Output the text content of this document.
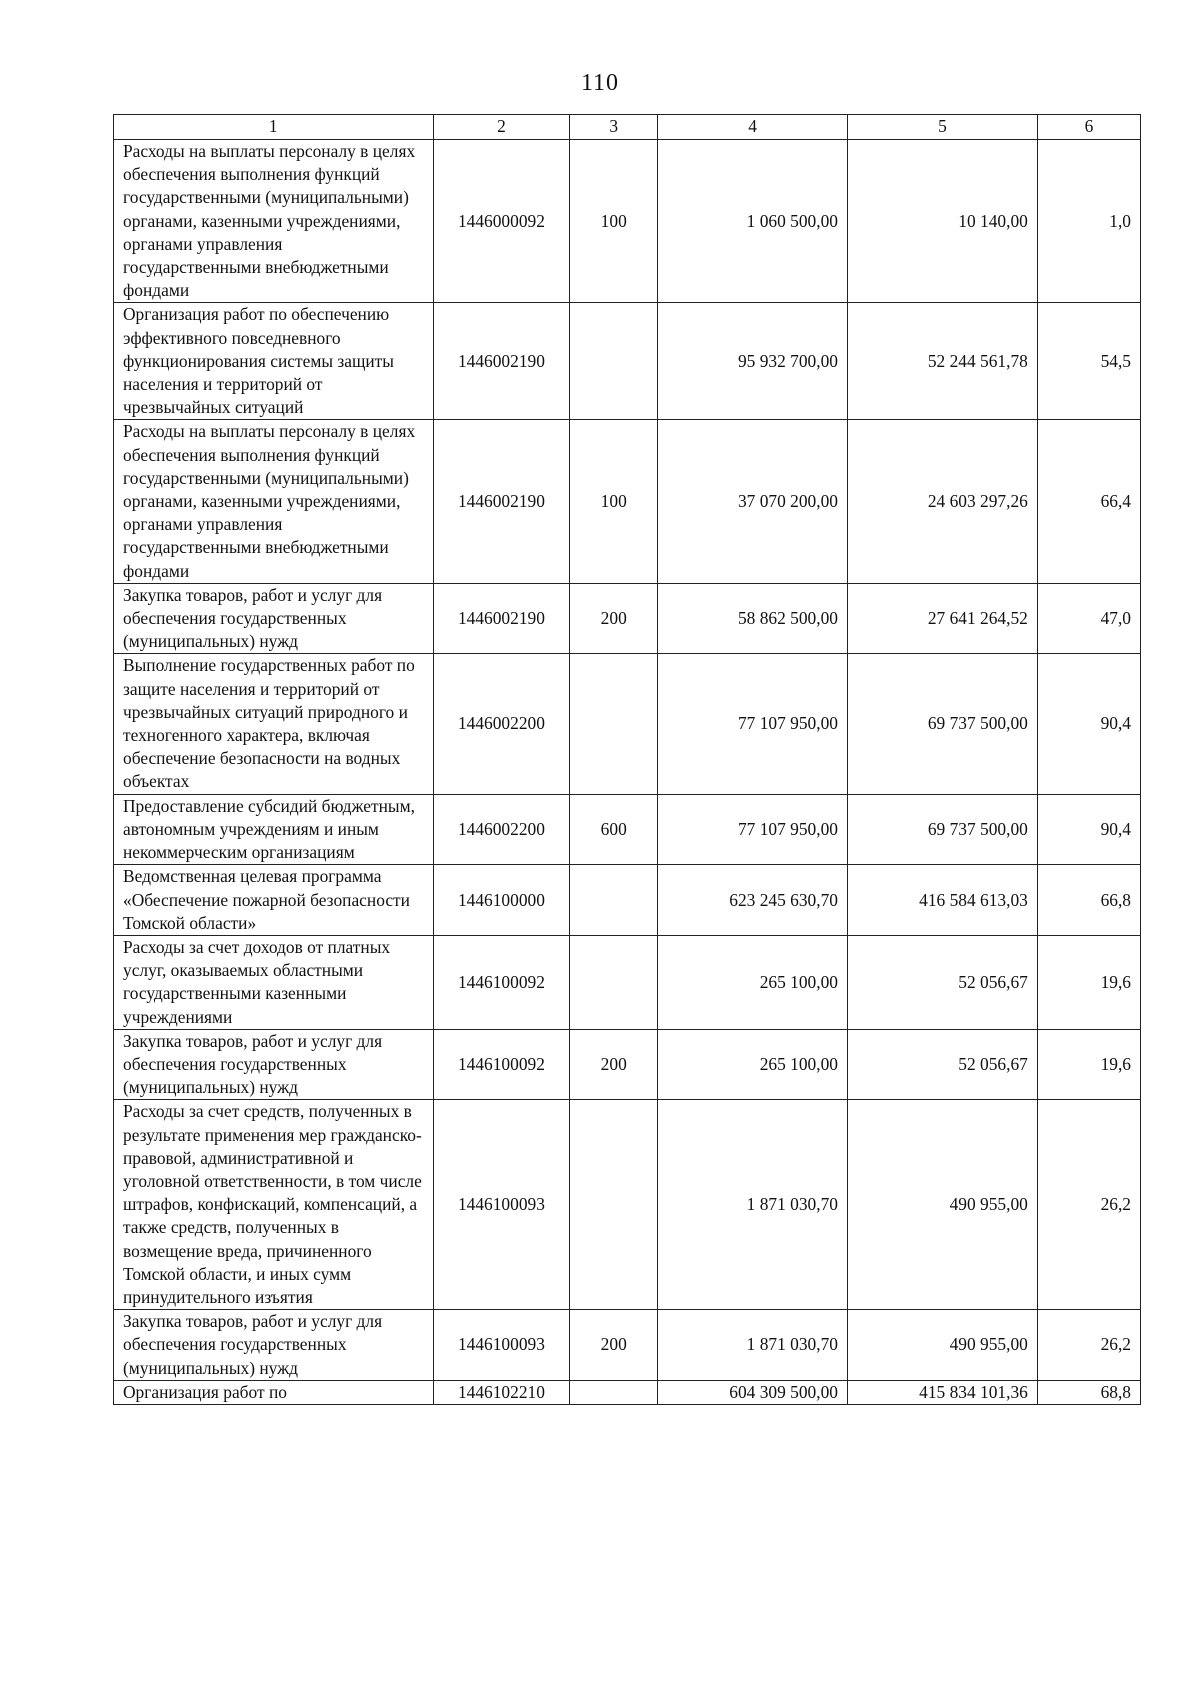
110
1	2	3	4	5	6
Расходы на выплаты персоналу в целях обеспечения выполнения функций государственными (муниципальными) органами, казенными учреждениями, органами управления государственными внебюджетными фондами	1446000092	100	1 060 500,00	10 140,00	1,0
Организация работ по обеспечению эффективного повседневного функционирования системы защиты населения и территорий от чрезвычайных ситуаций	1446002190		95 932 700,00	52 244 561,78	54,5
Расходы на выплаты персоналу в целях обеспечения выполнения функций государственными (муниципальными) органами, казенными учреждениями, органами управления государственными внебюджетными фондами	1446002190	100	37 070 200,00	24 603 297,26	66,4
Закупка товаров, работ и услуг для обеспечения государственных (муниципальных) нужд	1446002190	200	58 862 500,00	27 641 264,52	47,0
Выполнение государственных работ по защите населения и территорий от чрезвычайных ситуаций природного и техногенного характера, включая обеспечение безопасности на водных объектах	1446002200		77 107 950,00	69 737 500,00	90,4
Предоставление субсидий бюджетным, автономным учреждениям и иным некоммерческим организациям	1446002200	600	77 107 950,00	69 737 500,00	90,4
Ведомственная целевая программа «Обеспечение пожарной безопасности Томской области»	1446100000		623 245 630,70	416 584 613,03	66,8
Расходы за счет доходов от платных услуг, оказываемых областными государственными казенными учреждениями	1446100092		265 100,00	52 056,67	19,6
Закупка товаров, работ и услуг для обеспечения государственных (муниципальных) нужд	1446100092	200	265 100,00	52 056,67	19,6
Расходы за счет средств, полученных в результате применения мер гражданско-правовой, административной и уголовной ответственности, в том числе штрафов, конфискаций, компенсаций, а также средств, полученных в возмещение вреда, причиненного Томской области, и иных сумм принудительного изъятия	1446100093		1 871 030,70	490 955,00	26,2
Закупка товаров, работ и услуг для обеспечения государственных (муниципальных) нужд	1446100093	200	1 871 030,70	490 955,00	26,2
Организация работ по	1446102210		604 309 500,00	415 834 101,36	68,8
